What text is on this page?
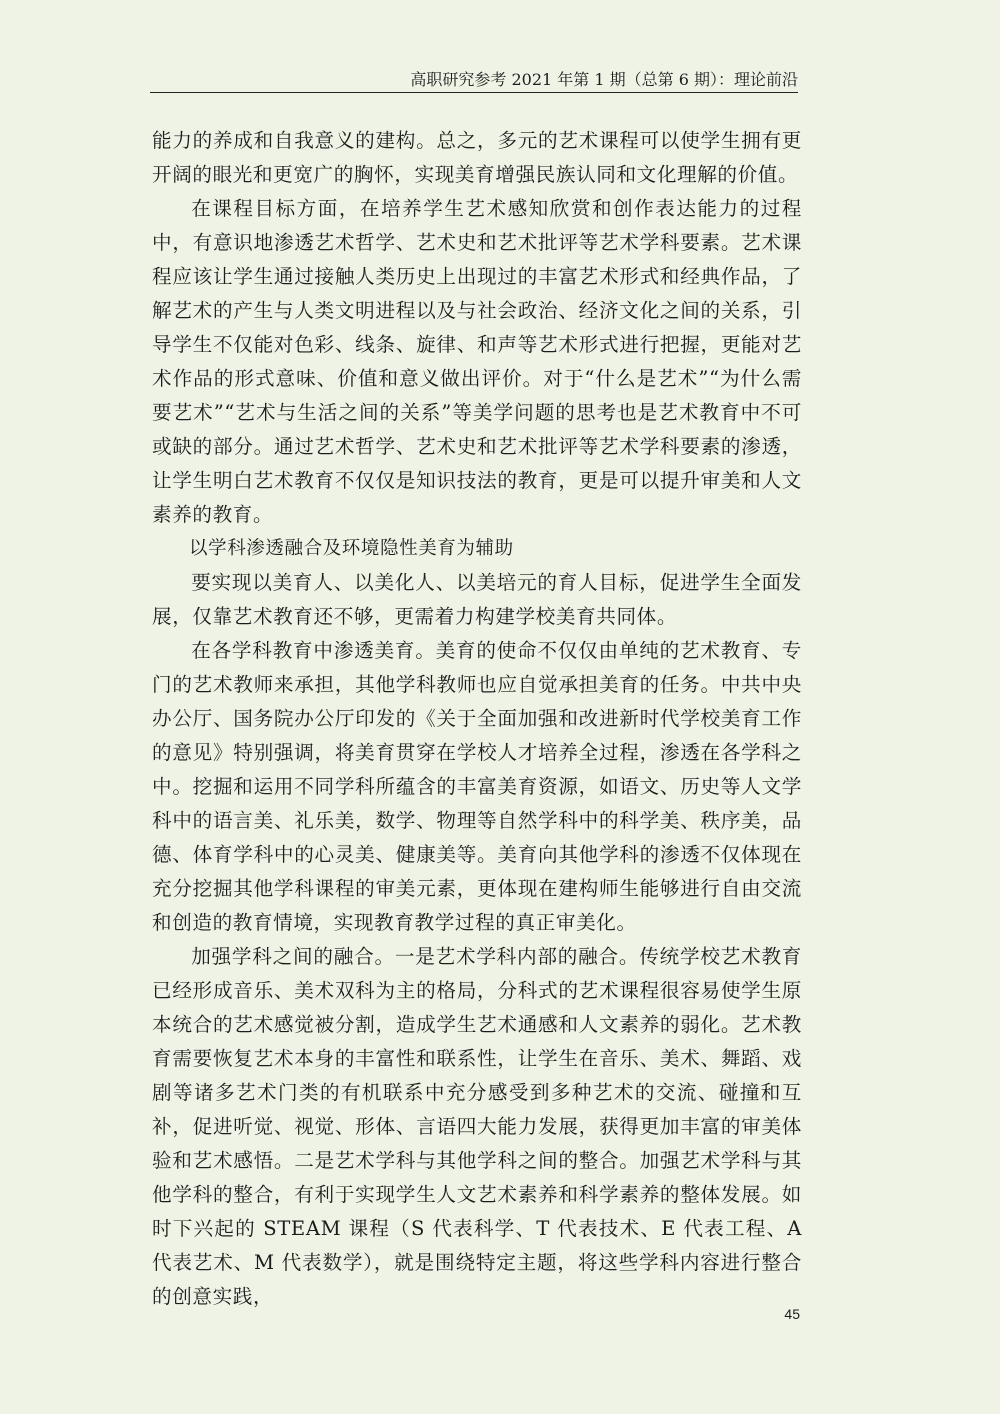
高职研究参考 2021 年第 1 期（总第 6 期）：理论前沿

能力的养成和自我意义的建构。总之，多元的艺术课程可以使学生拥有更开阔的眼光和更宽广的胸怀，实现美育增强民族认同和文化理解的价值。

在课程目标方面，在培养学生艺术感知欣赏和创作表达能力的过程中，有意识地渗透艺术哲学、艺术史和艺术批评等艺术学科要素。艺术课程应该让学生通过接触人类历史上出现过的丰富艺术形式和经典作品，了解艺术的产生与人类文明进程以及与社会政治、经济文化之间的关系，引导学生不仅能对色彩、线条、旋律、和声等艺术形式进行把握，更能对艺术作品的形式意味、价值和意义做出评价。对于“什么是艺术”“为什么需要艺术”“艺术与生活之间的关系”等美学问题的思考也是艺术教育中不可或缺的部分。通过艺术哲学、艺术史和艺术批评等艺术学科要素的渗透，让学生明白艺术教育不仅仅是知识技法的教育，更是可以提升审美和人文素养的教育。

以学科渗透融合及环境隐性美育为辅助

要实现以美育人、以美化人、以美培元的育人目标，促进学生全面发展，仅靠艺术教育还不够，更需着力构建学校美育共同体。

在各学科教育中渗透美育。美育的使命不仅仅由单纯的艺术教育、专门的艺术教师来承担，其他学科教师也应自觉承担美育的任务。中共中央办公厅、国务院办公厅印发的《关于全面加强和改进新时代学校美育工作的意见》特别强调，将美育贯穿在学校人才培养全过程，渗透在各学科之中。挖掘和运用不同学科所蕴含的丰富美育资源，如语文、历史等人文学科中的语言美、礼乐美，数学、物理等自然学科中的科学美、秩序美，品德、体育学科中的心灵美、健康美等。美育向其他学科的渗透不仅体现在充分挖掘其他学科课程的审美元素，更体现在建构师生能够进行自由交流和创造的教育情境，实现教育教学过程的真正审美化。

加强学科之间的融合。一是艺术学科内部的融合。传统学校艺术教育已经形成音乐、美术双科为主的格局，分科式的艺术课程很容易使学生原本统合的艺术感觉被分割，造成学生艺术通感和人文素养的弱化。艺术教育需要恢复艺术本身的丰富性和联系性，让学生在音乐、美术、舞蹈、戏剧等诸多艺术门类的有机联系中充分感受到多种艺术的交流、碰撞和互补，促进听觉、视觉、形体、言语四大能力发展，获得更加丰富的审美体验和艺术感悟。二是艺术学科与其他学科之间的整合。加强艺术学科与其他学科的整合，有利于实现学生人文艺术素养和科学素养的整体发展。如时下兴起的 STEAM 课程（S 代表科学、T 代表技术、E 代表工程、A 代表艺术、M 代表数学），就是围绕特定主题，将这些学科内容进行整合的创意实践，

45
